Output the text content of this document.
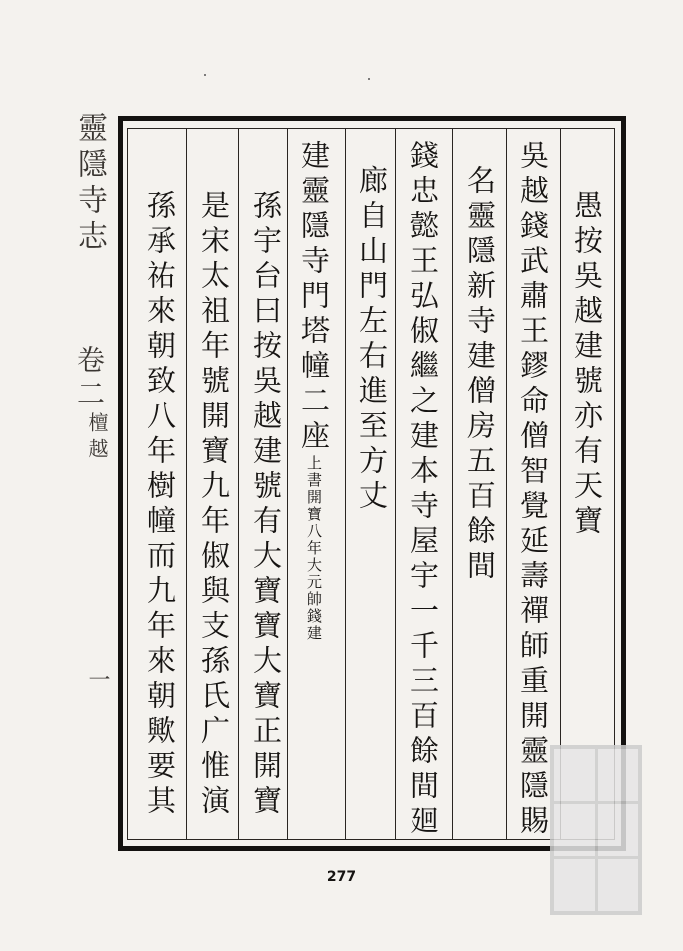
愚按吳越建號亦有天寶
吳越錢武肅王鏐命僧智覺延壽禪師重開靈隱賜
名靈隱新寺建僧房五百餘間
錢忠懿王弘俶繼之建本寺屋宇一千三百餘間廻
廊自山門左右進至方丈
建靈隱寺門塔幢二座上書開寶八年大元帥錢建
孫宇台曰按吳越建號有大寶寶大寶正開寶
是宋太祖年號開寶九年俶與支孫氏广惟演
孫承祐來朝致八年樹幢而九年來朝歟要其
靈隱寺志
卷二
檀越
一
277
